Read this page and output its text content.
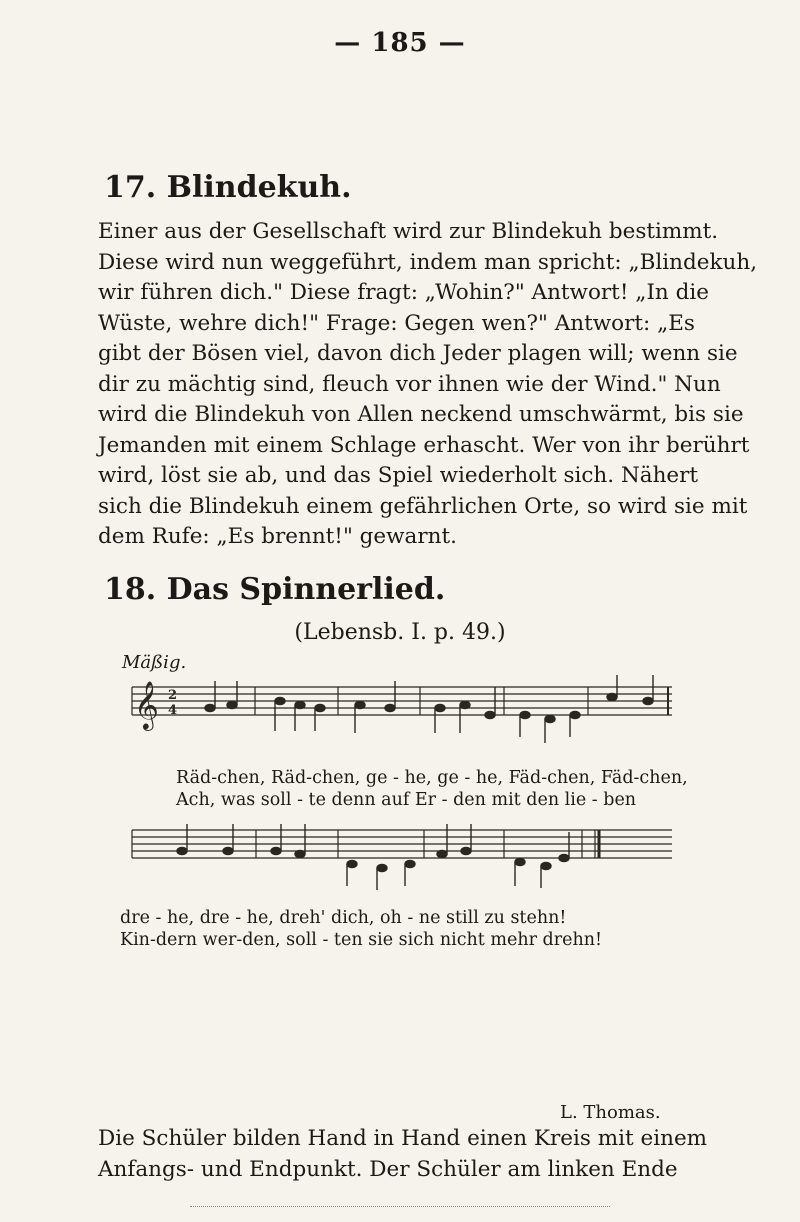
— 185 —
17. Blindekuh.
Einer aus der Gesellschaft wird zur Blindekuh bestimmt.
Diese wird nun weggeführt, indem man spricht: „Blindekuh,
wir führen dich." Diese fragt: „Wohin?" Antwort! „In die
Wüste, wehre dich!" Frage: Gegen wen?" Antwort: „Es
gibt der Bösen viel, davon dich Jeder plagen will; wenn sie
dir zu mächtig sind, fleuch vor ihnen wie der Wind." Nun
wird die Blindekuh von Allen neckend umschwärmt, bis sie
Jemanden mit einem Schlage erhascht. Wer von ihr berührt
wird, löst sie ab, und das Spiel wiederholt sich. Nähert
sich die Blindekuh einem gefährlichen Orte, so wird sie mit
dem Rufe: „Es brennt!" gewarnt.
18. Das Spinnerlied.
(Lebensb. I. p. 49.)
Mäßig.
𝄞 2
4
Räd-chen, Räd-chen, ge - he, ge - he, Fäd-chen, Fäd-chen,
Ach, was soll - te denn auf Er - den mit den lie - ben
dre - he, dre - he, dreh' dich, oh - ne still zu stehn!
Kin-dern wer-den, soll - ten sie sich nicht mehr drehn!
L. Thomas.
Die Schüler bilden Hand in Hand einen Kreis mit einem
Anfangs- und Endpunkt. Der Schüler am linken Ende
